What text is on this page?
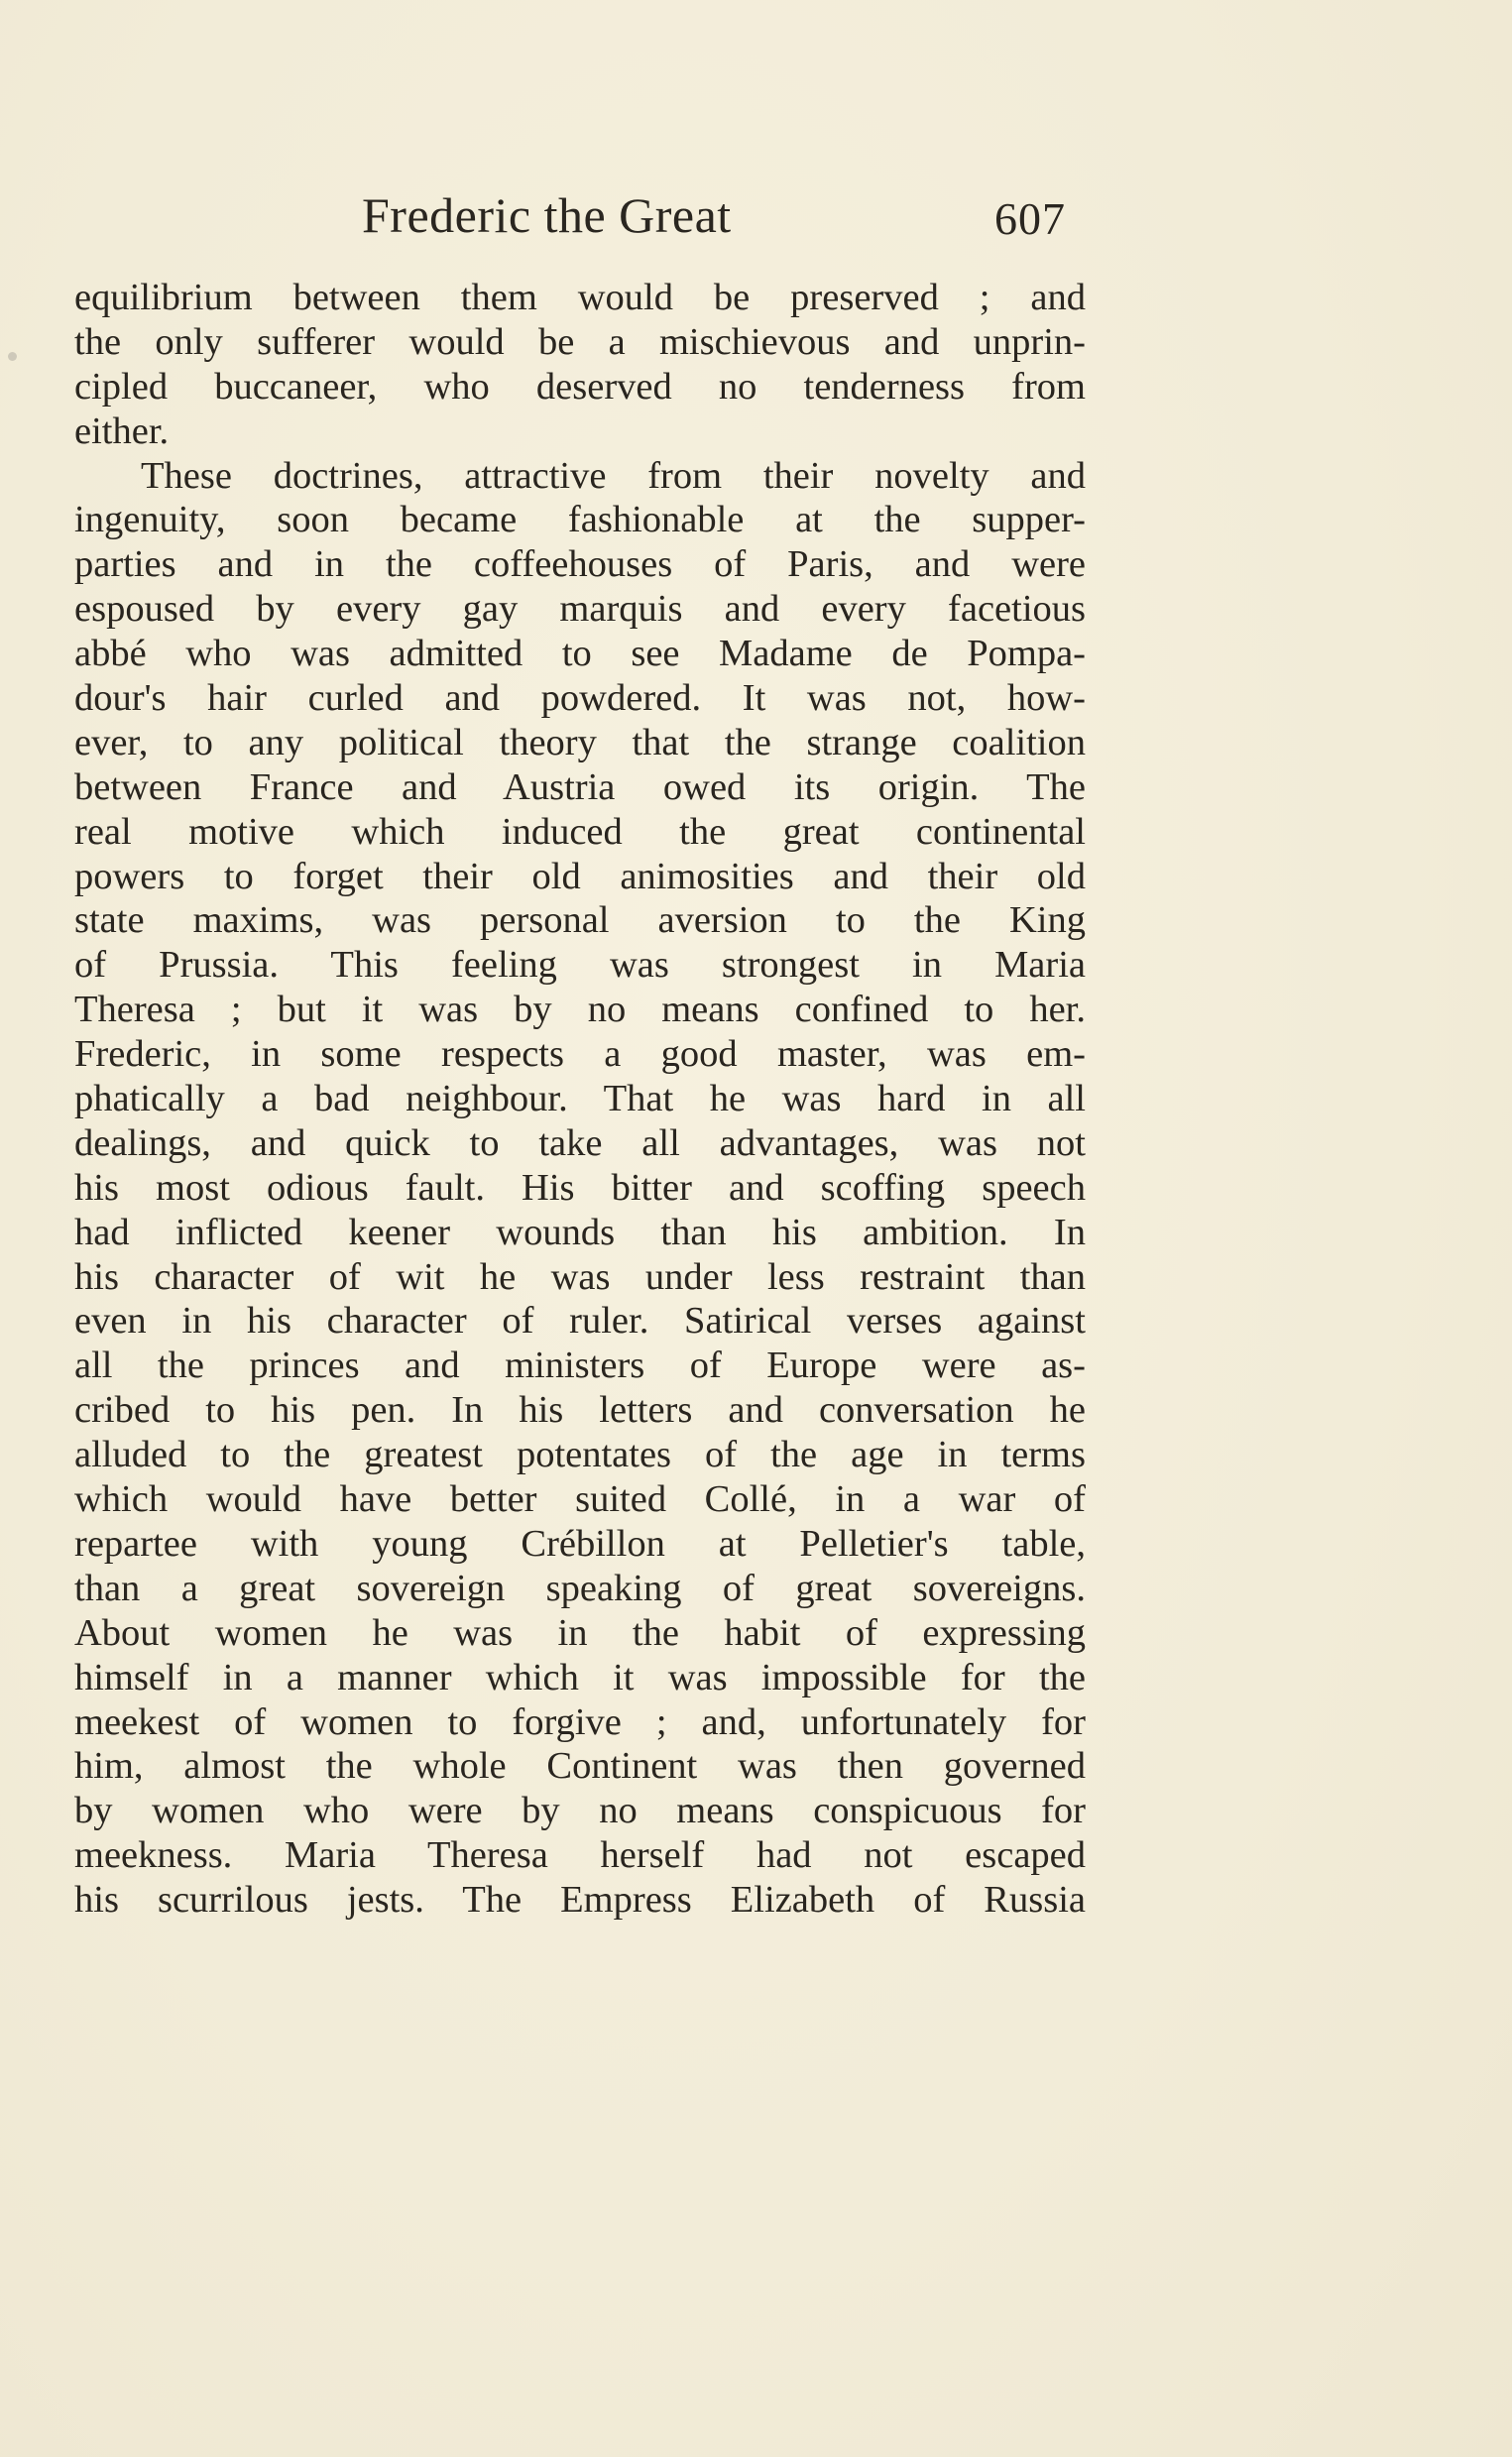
Frederic the Great	607
equilibrium between them would be preserved ; and
the only sufferer would be a mischievous and unprin-
cipled buccaneer, who deserved no tenderness from
either.
These doctrines, attractive from their novelty and
ingenuity, soon became fashionable at the supper-
parties and in the coffeehouses of Paris, and were
espoused by every gay marquis and every facetious
abbé who was admitted to see Madame de Pompa-
dour's hair curled and powdered. It was not, how-
ever, to any political theory that the strange coalition
between France and Austria owed its origin. The
real motive which induced the great continental
powers to forget their old animosities and their old
state maxims, was personal aversion to the King
of Prussia. This feeling was strongest in Maria
Theresa ; but it was by no means confined to her.
Frederic, in some respects a good master, was em-
phatically a bad neighbour. That he was hard in all
dealings, and quick to take all advantages, was not
his most odious fault. His bitter and scoffing speech
had inflicted keener wounds than his ambition. In
his character of wit he was under less restraint than
even in his character of ruler. Satirical verses against
all the princes and ministers of Europe were as-
cribed to his pen. In his letters and conversation he
alluded to the greatest potentates of the age in terms
which would have better suited Collé, in a war of
repartee with young Crébillon at Pelletier's table,
than a great sovereign speaking of great sovereigns.
About women he was in the habit of expressing
himself in a manner which it was impossible for the
meekest of women to forgive ; and, unfortunately for
him, almost the whole Continent was then governed
by women who were by no means conspicuous for
meekness. Maria Theresa herself had not escaped
his scurrilous jests. The Empress Elizabeth of Russia
